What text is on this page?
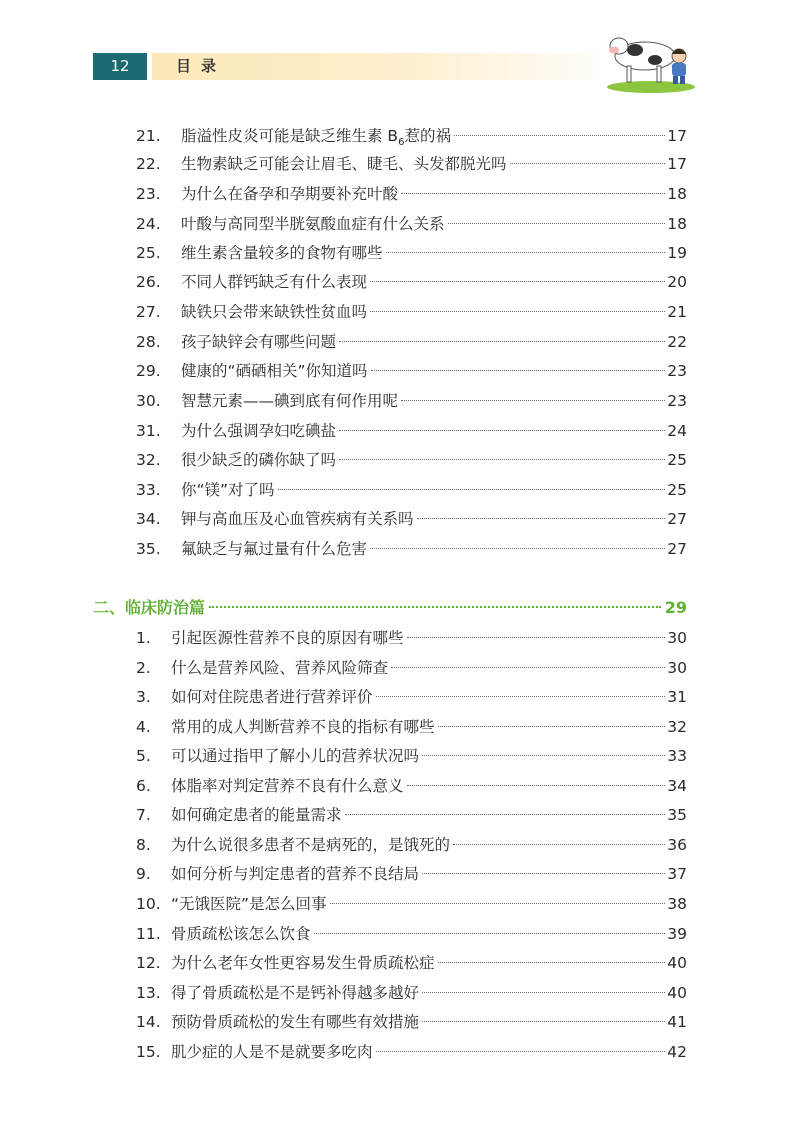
12	目录
21.	脂溢性皮炎可能是缺乏维生素 $B_6$惹的祸	17
22.	生物素缺乏可能会让眉毛、睫毛、头发都脱光吗	17
23.	为什么在备孕和孕期要补充叶酸	18
24.	叶酸与高同型半胱氨酸血症有什么关系	18
25.	维生素含量较多的食物有哪些	19
26.	不同人群钙缺乏有什么表现	20
27.	缺铁只会带来缺铁性贫血吗	21
28.	孩子缺锌会有哪些问题	22
29.	健康的“硒硒相关”你知道吗	23
30.	智慧元素——碘到底有何作用呢	23
31.	为什么强调孕妇吃碘盐	24
32.	很少缺乏的磷你缺了吗	25
33.	你“镁”对了吗	25
34.	钾与高血压及心血管疾病有关系吗	27
35.	氟缺乏与氟过量有什么危害	27
二、临床防治篇	29
1.	引起医源性营养不良的原因有哪些	30
2.	什么是营养风险、营养风险筛查	30
3.	如何对住院患者进行营养评价	31
4.	常用的成人判断营养不良的指标有哪些	32
5.	可以通过指甲了解小儿的营养状况吗	33
6.	体脂率对判定营养不良有什么意义	34
7.	如何确定患者的能量需求	35
8.	为什么说很多患者不是病死的，是饿死的	36
9.	如何分析与判定患者的营养不良结局	37
10. “无饿医院”是怎么回事	38
11. 骨质疏松该怎么饮食	39
12. 为什么老年女性更容易发生骨质疏松症	40
13. 得了骨质疏松是不是钙补得越多越好	40
14. 预防骨质疏松的发生有哪些有效措施	41
15. 肌少症的人是不是就要多吃肉	42
